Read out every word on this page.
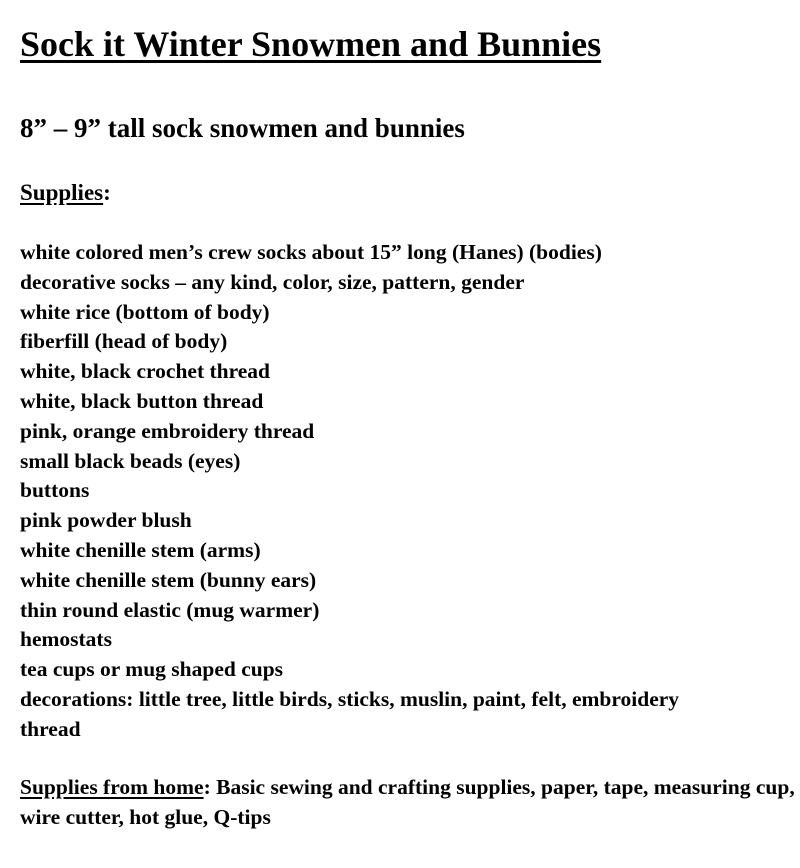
Sock it Winter Snowmen and Bunnies
8” – 9” tall sock snowmen and bunnies
Supplies:
white colored men’s crew socks about 15” long (Hanes) (bodies)
decorative socks – any kind, color, size, pattern, gender
white rice (bottom of body)
fiberfill (head of body)
white, black crochet thread
white, black button thread
pink, orange embroidery thread
small black beads (eyes)
buttons
pink powder blush
white chenille stem (arms)
white chenille stem (bunny ears)
thin round elastic (mug warmer)
hemostats
tea cups or mug shaped cups
decorations: little tree, little birds, sticks, muslin, paint, felt, embroidery thread
Supplies from home: Basic sewing and crafting supplies, paper, tape, measuring cup, wire cutter, hot glue, Q-tips
